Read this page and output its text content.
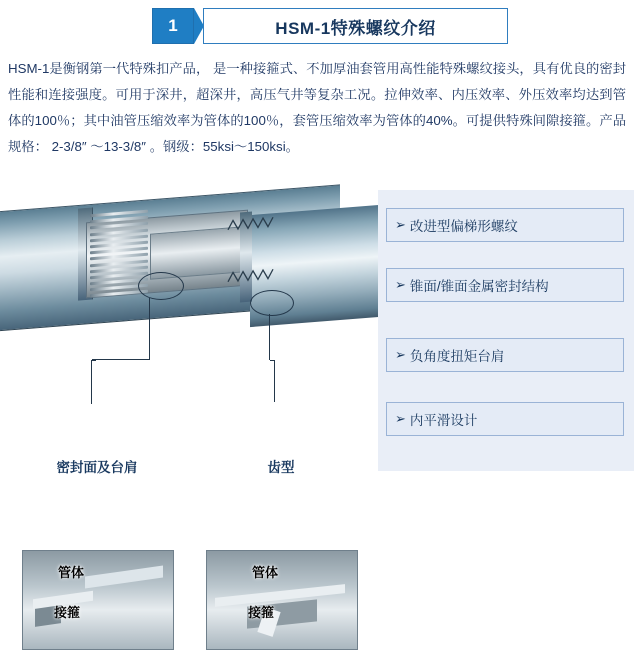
1	HSM-1特殊螺纹介绍

HSM-1是衡钢第一代特殊扣产品， 是一种接箍式、不加厚油套管用高性能特殊螺纹接头，具有优良的密封性能和连接强度。可用于深井，超深井，高压气井等复杂工况。拉伸效率、内压效率、外压效率均达到管体的100％；其中油管压缩效率为管体的100％，套管压缩效率为管体的40%。可提供特殊间隙接箍。产品规格： 2-3/8″ ～13-3/8″ 。钢级：55ksi～150ksi。

管体
接箍
管体
接箍
密封面及台肩	齿型
➢ 改进型偏梯形螺纹
➢ 锥面/锥面金属密封结构
➢ 负角度扭矩台肩
➢ 内平滑设计
